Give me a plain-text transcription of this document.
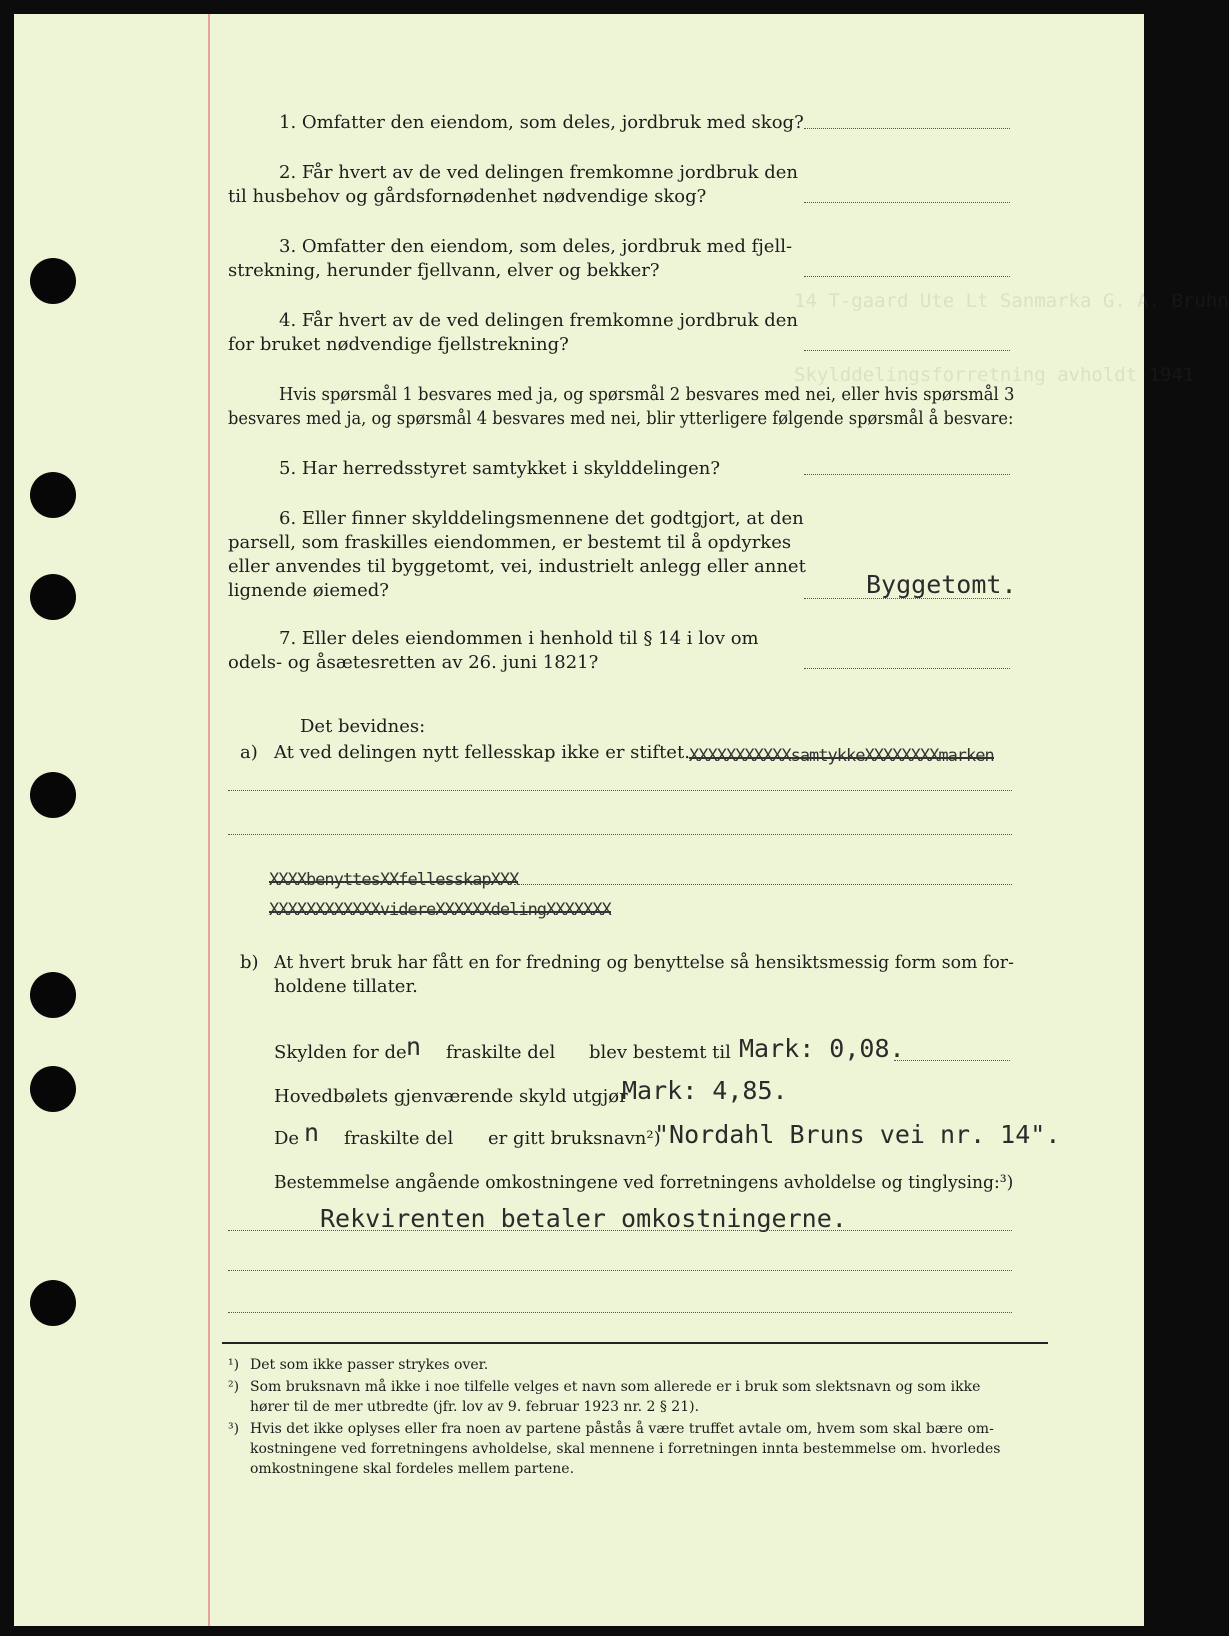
14 T-gaard Ute Lt Sanmarka G. A. Bruhn
Skylddelingsforretning avholdt 1941
1. Omfatter den eiendom, som deles, jordbruk med skog?
2. Får hvert av de ved delingen fremkomne jordbruk den
til husbehov og gårdsfornødenhet nødvendige skog?
3. Omfatter den eiendom, som deles, jordbruk med fjell-
strekning, herunder fjellvann, elver og bekker?
4. Får hvert av de ved delingen fremkomne jordbruk den
for bruket nødvendige fjellstrekning?
Hvis spørsmål 1 besvares med ja, og spørsmål 2 besvares med nei, eller hvis spørsmål 3
besvares med ja, og spørsmål 4 besvares med nei, blir ytterligere følgende spørsmål å besvare:
5. Har herredsstyret samtykket i skylddelingen?
6. Eller finner skylddelingsmennene det godtgjort, at den
parsell, som fraskilles eiendommen, er bestemt til å opdyrkes
eller anvendes til byggetomt, vei, industrielt anlegg eller annet
lignende øiemed?	Byggetomt.
7. Eller deles eiendommen i henhold til § 14 i lov om
odels- og åsætesretten av 26. juni 1821?
Det bevidnes:
a) At ved delingen nytt fellesskap ikke er stiftet. XXXXXXXXXXXsamtykkeXXXXXXXXmarken
XXXXbenyttesXXfellesskapXXX
XXXXXXXXXXXXvidereXXXXXXdelingXXXXXXX
b) At hvert bruk har fått en for fredning og benyttelse så hensiktsmessig form som for-
holdene tillater.
Skylden for de n fraskilte del blev bestemt til Mark: 0,08.
Hovedbølets gjenværende skyld utgjør
Mark: 4,85.
De n fraskilte del er gitt bruksnavn²)
"Nordahl Bruns vei nr. 14".
Bestemmelse angående omkostningene ved forretningens avholdelse og tinglysing:³)
Rekvirenten betaler omkostningerne.
¹) Det som ikke passer strykes over.
²) Som bruksnavn må ikke i noe tilfelle velges et navn som allerede er i bruk som slektsnavn og som ikke
hører til de mer utbredte (jfr. lov av 9. februar 1923 nr. 2 § 21).
³) Hvis det ikke oplyses eller fra noen av partene påstås å være truffet avtale om, hvem som skal bære om-
kostningene ved forretningens avholdelse, skal mennene i forretningen innta bestemmelse om. hvorledes
omkostningene skal fordeles mellem partene.
